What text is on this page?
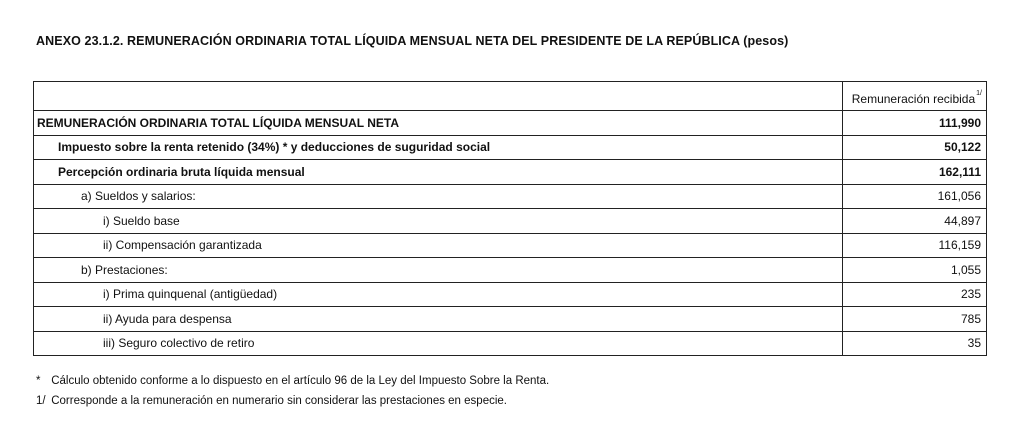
ANEXO 23.1.2. REMUNERACIÓN ORDINARIA TOTAL LÍQUIDA MENSUAL NETA DEL PRESIDENTE DE LA REPÚBLICA (pesos)
	Remuneración recibida$^{1/}$
REMUNERACIÓN ORDINARIA TOTAL LÍQUIDA MENSUAL NETA	111,990
Impuesto sobre la renta retenido (34%) * y deducciones de suguridad social	50,122
Percepción ordinaria bruta líquida mensual	162,111
a) Sueldos y salarios:	161,056
i) Sueldo base	44,897
ii) Compensación garantizada	116,159
b) Prestaciones:	1,055
i) Prima quinquenal (antigüedad)	235
ii) Ayuda para despensa	785
iii) Seguro colectivo de retiro	35
* Cálculo obtenido conforme a lo dispuesto en el artículo 96 de la Ley del Impuesto Sobre la Renta.
1/ Corresponde a la remuneración en numerario sin considerar las prestaciones en especie.
